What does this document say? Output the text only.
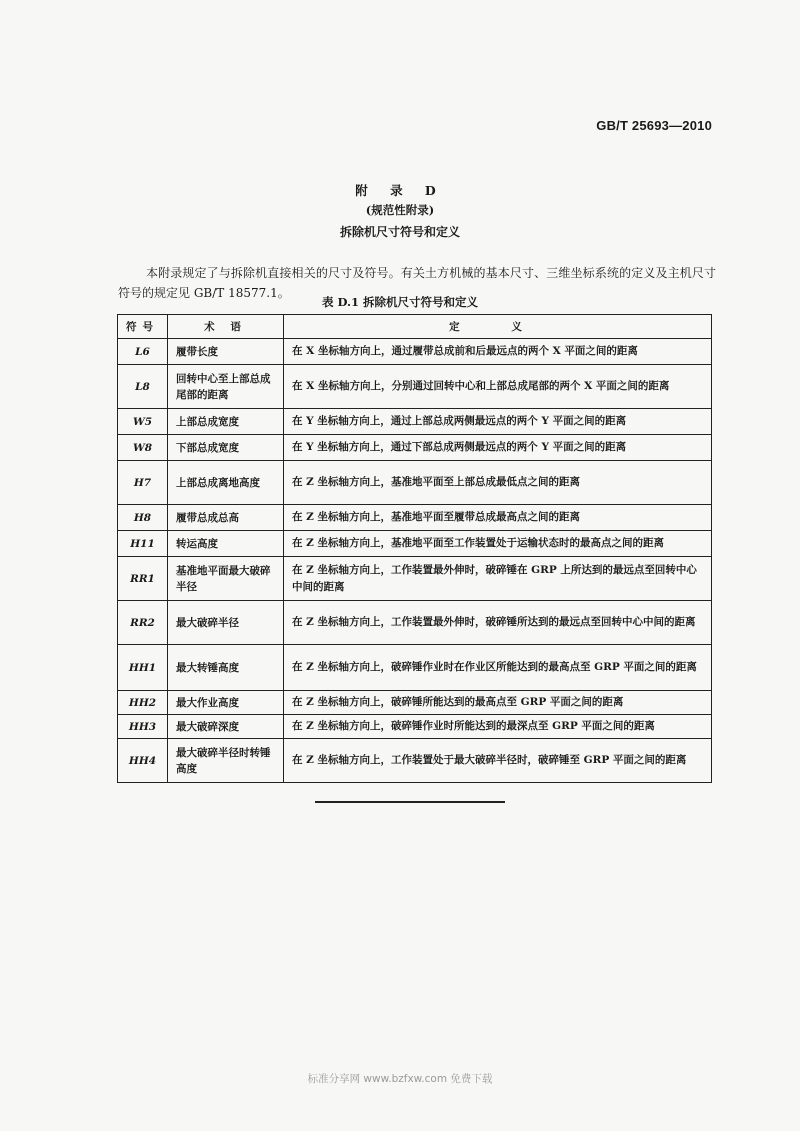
GB/T 25693—2010
附 录 D
(规范性附录)
拆除机尺寸符号和定义

本附录规定了与拆除机直接相关的尺寸及符号。有关土方机械的基本尺寸、三维坐标系统的定义及主机尺寸符号的规定见 GB/T 18577.1。

表 D.1 拆除机尺寸符号和定义
符号	术 语	定 义
L6	履带长度	在 X 坐标轴方向上，通过履带总成前和后最远点的两个 X 平面之间的距离
L8	回转中心至上部总成尾部的距离	在 X 坐标轴方向上，分别通过回转中心和上部总成尾部的两个 X 平面之间的距离
W5	上部总成宽度	在 Y 坐标轴方向上，通过上部总成两侧最远点的两个 Y 平面之间的距离
W8	下部总成宽度	在 Y 坐标轴方向上，通过下部总成两侧最远点的两个 Y 平面之间的距离
H7	上部总成离地高度	在 Z 坐标轴方向上，基准地平面至上部总成最低点之间的距离
H8	履带总成总高	在 Z 坐标轴方向上，基准地平面至履带总成最高点之间的距离
H11	转运高度	在 Z 坐标轴方向上，基准地平面至工作装置处于运输状态时的最高点之间的距离
RR1	基准地平面最大破碎半径	在 Z 坐标轴方向上，工作装置最外伸时，破碎锤在 GRP 上所达到的最远点至回转中心中间的距离
RR2	最大破碎半径	在 Z 坐标轴方向上，工作装置最外伸时，破碎锤所达到的最远点至回转中心中间的距离
HH1	最大转锤高度	在 Z 坐标轴方向上，破碎锤作业时在作业区所能达到的最高点至 GRP 平面之间的距离
HH2	最大作业高度	在 Z 坐标轴方向上，破碎锤所能达到的最高点至 GRP 平面之间的距离
HH3	最大破碎深度	在 Z 坐标轴方向上，破碎锤作业时所能达到的最深点至 GRP 平面之间的距离
HH4	最大破碎半径时转锤高度	在 Z 坐标轴方向上，工作装置处于最大破碎半径时，破碎锤至 GRP 平面之间的距离
标准分享网 www.bzfxw.com 免费下载
